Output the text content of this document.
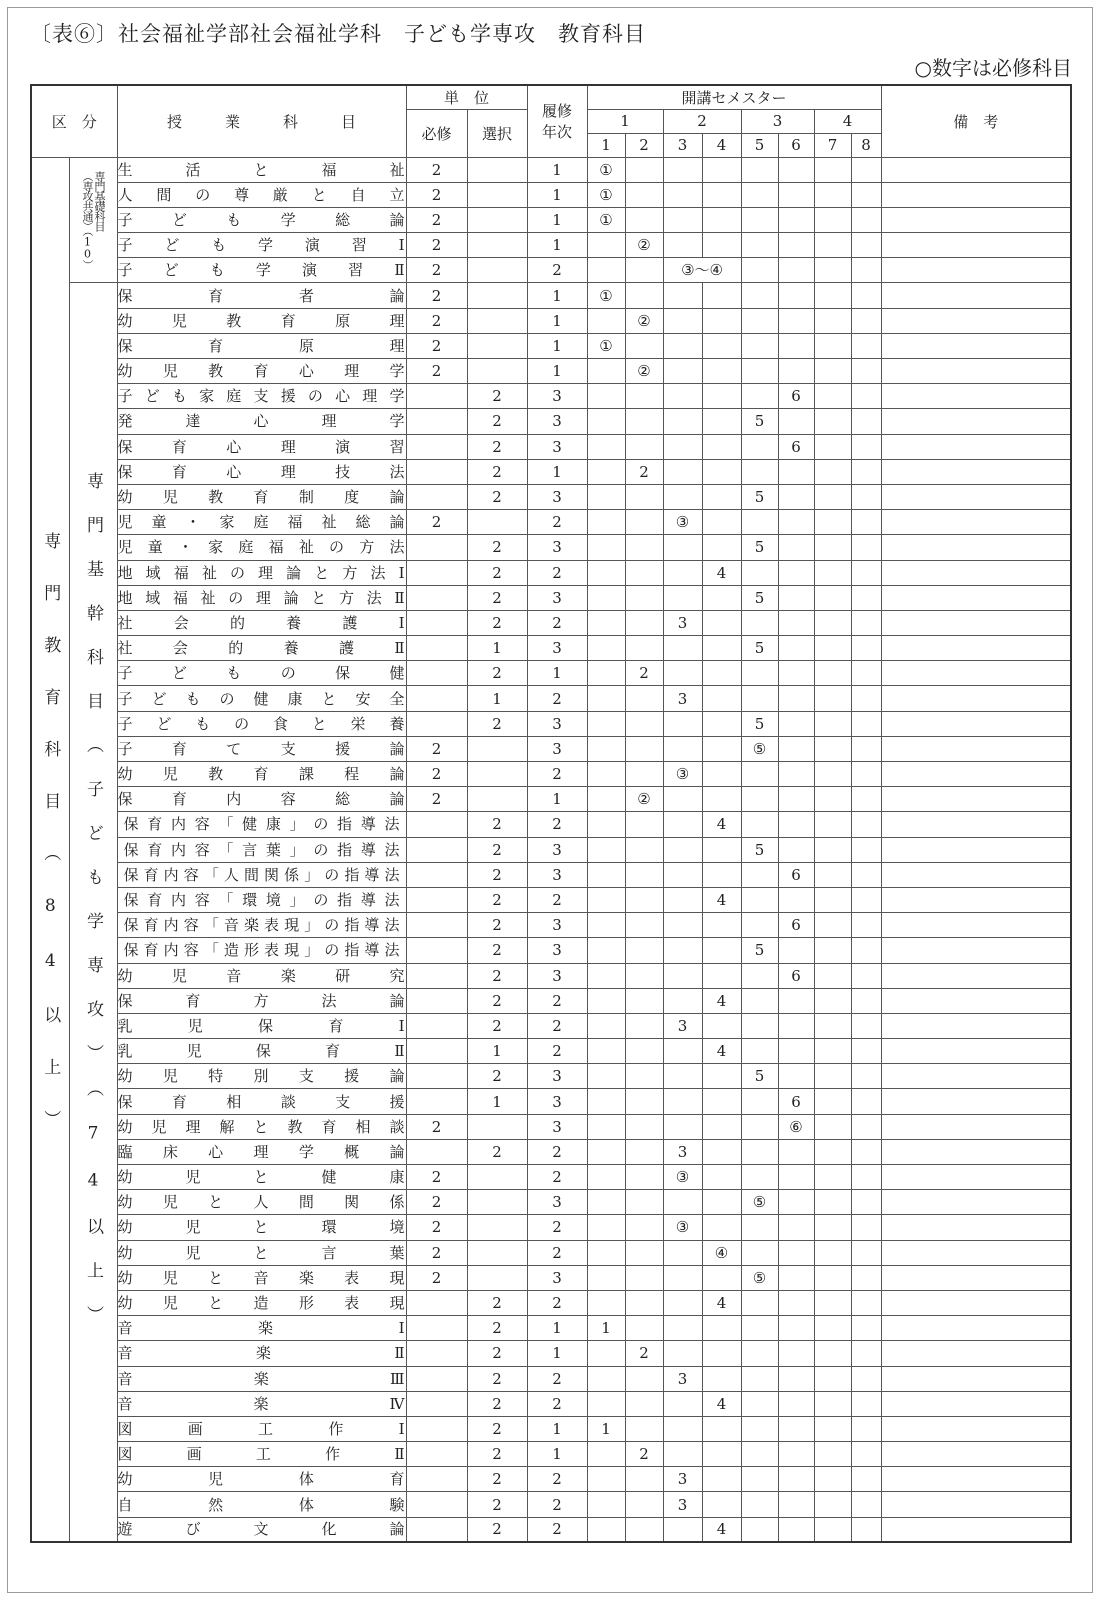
〔表⑥〕社会福祉学部社会福祉学科　子ども学専攻　教育科目
○数字は必修科目
区　分		授　業　科　目	単　位		履修
年次	開講セメスター								備　考
			必修	選択		1		2		3		4		
						1	2	3	4	5	6	7	8	
専門教育科目（84以上）	（専攻共通）（10）専門基礎科目	生活と福祉	2		1	①								
		人間の尊厳と自立	2		1	①								
		子ども学総論	2		1	①								
		子ども学演習Ⅰ	2		1		②							
		子ども学演習Ⅱ	2		2			③〜④						
	専門基幹科目（子ども学専攻）（74以上）	保育者論	2		1	①								
		幼児教育原理	2		1		②							
		保育原理	2		1	①								
		幼児教育心理学	2		1		②							
		子ども家庭支援の心理学		2	3						6			
		発達心理学		2	3					5				
		保育心理演習		2	3						6			
		保育心理技法		2	1		2							
		幼児教育制度論		2	3					5				
		児童・家庭福祉総論	2		2			③						
		児童・家庭福祉の方法		2	3					5				
		地域福祉の理論と方法Ⅰ		2	2				4					
		地域福祉の理論と方法Ⅱ		2	3					5				
		社会的養護Ⅰ		2	2			3						
		社会的養護Ⅱ		1	3					5				
		子どもの保健		2	1		2							
		子どもの健康と安全		1	2			3						
		子どもの食と栄養		2	3					5				
		子育て支援論	2		3					⑤				
		幼児教育課程論	2		2			③						
		保育内容総論	2		1		②							
		保育内容「健康」の指導法		2	2				4					
		保育内容「言葉」の指導法		2	3					5				
		保育内容「人間関係」の指導法		2	3						6			
		保育内容「環境」の指導法		2	2				4					
		保育内容「音楽表現」の指導法		2	3						6			
		保育内容「造形表現」の指導法		2	3					5				
		幼児音楽研究		2	3						6			
		保育方法論		2	2				4					
		乳児保育Ⅰ		2	2			3						
		乳児保育Ⅱ		1	2				4					
		幼児特別支援論		2	3					5				
		保育相談支援		1	3						6			
		幼児理解と教育相談	2		3						⑥			
		臨床心理学概論		2	2			3						
		幼児と健康	2		2			③						
		幼児と人間関係	2		3					⑤				
		幼児と環境	2		2			③						
		幼児と言葉	2		2				④					
		幼児と音楽表現	2		3					⑤				
		幼児と造形表現		2	2				4					
		音楽Ⅰ		2	1	1								
		音楽Ⅱ		2	1		2							
		音楽Ⅲ		2	2			3						
		音楽Ⅳ		2	2				4					
		図画工作Ⅰ		2	1	1								
		図画工作Ⅱ		2	1		2							
		幼児体育		2	2			3						
		自然体験		2	2			3						
		遊び文化論		2	2				4					
